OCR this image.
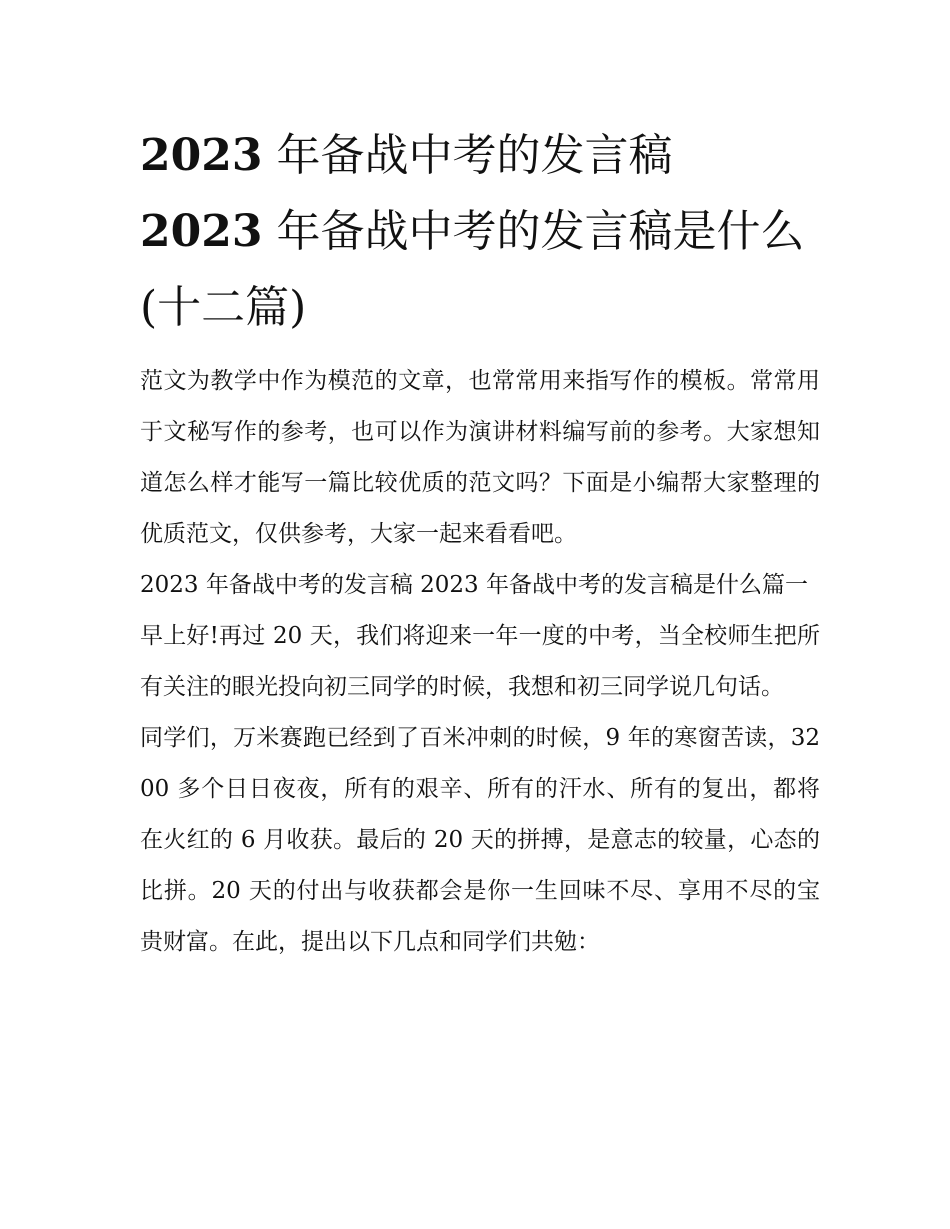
2023 年备战中考的发言稿
2023 年备战中考的发言稿是什么(十二篇)

范文为教学中作为模范的文章，也常常用来指写作的模板。常常用于文秘写作的参考，也可以作为演讲材料编写前的参考。大家想知道怎么样才能写一篇比较优质的范文吗？下面是小编帮大家整理的优质范文，仅供参考，大家一起来看看吧。

2023 年备战中考的发言稿 2023 年备战中考的发言稿是什么篇一

早上好!再过 20 天，我们将迎来一年一度的中考，当全校师生把所有关注的眼光投向初三同学的时候，我想和初三同学说几句话。

同学们，万米赛跑已经到了百米冲刺的时候，9 年的寒窗苦读，3200 多个日日夜夜，所有的艰辛、所有的汗水、所有的复出，都将在火红的 6 月收获。最后的 20 天的拼搏，是意志的较量，心态的比拼。20 天的付出与收获都会是你一生回味不尽、享用不尽的宝贵财富。在此，提出以下几点和同学们共勉：
